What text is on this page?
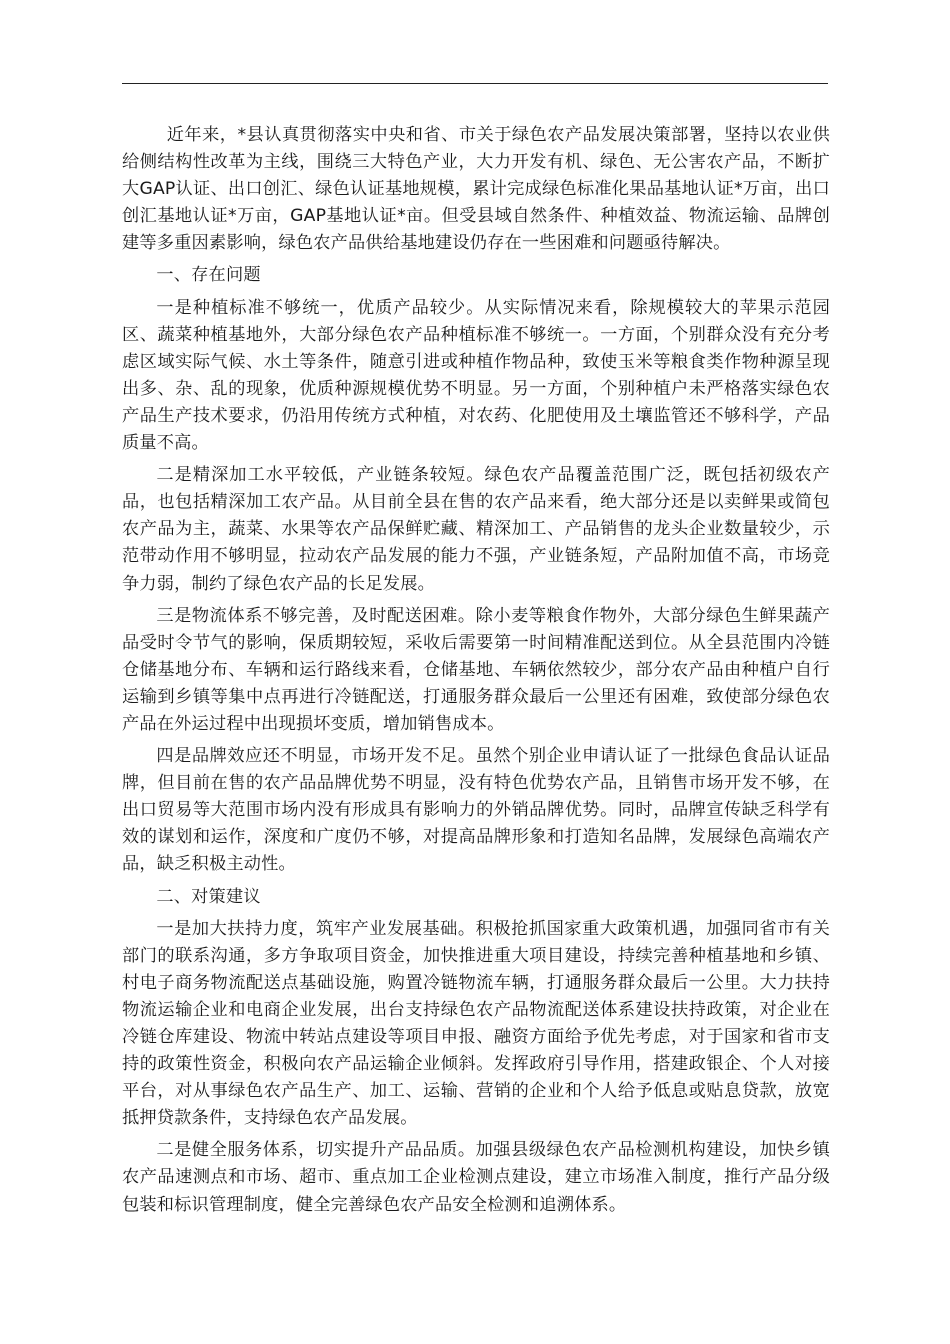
近年来，*县认真贯彻落实中央和省、市关于绿色农产品发展决策部署，坚持以农业供给侧结构性改革为主线，围绕三大特色产业，大力开发有机、绿色、无公害农产品，不断扩大GAP认证、出口创汇、绿色认证基地规模，累计完成绿色标准化果品基地认证*万亩，出口创汇基地认证*万亩，GAP基地认证*亩。但受县域自然条件、种植效益、物流运输、品牌创建等多重因素影响，绿色农产品供给基地建设仍存在一些困难和问题亟待解决。

一、存在问题

一是种植标准不够统一，优质产品较少。从实际情况来看，除规模较大的苹果示范园区、蔬菜种植基地外，大部分绿色农产品种植标准不够统一。一方面，个别群众没有充分考虑区域实际气候、水土等条件，随意引进或种植作物品种，致使玉米等粮食类作物种源呈现出多、杂、乱的现象，优质种源规模优势不明显。另一方面，个别种植户未严格落实绿色农产品生产技术要求，仍沿用传统方式种植，对农药、化肥使用及土壤监管还不够科学，产品质量不高。

二是精深加工水平较低，产业链条较短。绿色农产品覆盖范围广泛，既包括初级农产品，也包括精深加工农产品。从目前全县在售的农产品来看，绝大部分还是以卖鲜果或简包农产品为主，蔬菜、水果等农产品保鲜贮藏、精深加工、产品销售的龙头企业数量较少，示范带动作用不够明显，拉动农产品发展的能力不强，产业链条短，产品附加值不高，市场竞争力弱，制约了绿色农产品的长足发展。

三是物流体系不够完善，及时配送困难。除小麦等粮食作物外，大部分绿色生鲜果蔬产品受时令节气的影响，保质期较短，采收后需要第一时间精准配送到位。从全县范围内冷链仓储基地分布、车辆和运行路线来看，仓储基地、车辆依然较少，部分农产品由种植户自行运输到乡镇等集中点再进行冷链配送，打通服务群众最后一公里还有困难，致使部分绿色农产品在外运过程中出现损坏变质，增加销售成本。

四是品牌效应还不明显，市场开发不足。虽然个别企业申请认证了一批绿色食品认证品牌，但目前在售的农产品品牌优势不明显，没有特色优势农产品，且销售市场开发不够，在出口贸易等大范围市场内没有形成具有影响力的外销品牌优势。同时，品牌宣传缺乏科学有效的谋划和运作，深度和广度仍不够，对提高品牌形象和打造知名品牌，发展绿色高端农产品，缺乏积极主动性。

二、对策建议

一是加大扶持力度，筑牢产业发展基础。积极抢抓国家重大政策机遇，加强同省市有关部门的联系沟通，多方争取项目资金，加快推进重大项目建设，持续完善种植基地和乡镇、村电子商务物流配送点基础设施，购置冷链物流车辆，打通服务群众最后一公里。大力扶持物流运输企业和电商企业发展，出台支持绿色农产品物流配送体系建设扶持政策，对企业在冷链仓库建设、物流中转站点建设等项目申报、融资方面给予优先考虑，对于国家和省市支持的政策性资金，积极向农产品运输企业倾斜。发挥政府引导作用，搭建政银企、个人对接平台，对从事绿色农产品生产、加工、运输、营销的企业和个人给予低息或贴息贷款，放宽抵押贷款条件，支持绿色农产品发展。

二是健全服务体系，切实提升产品品质。加强县级绿色农产品检测机构建设，加快乡镇农产品速测点和市场、超市、重点加工企业检测点建设，建立市场准入制度，推行产品分级包装和标识管理制度，健全完善绿色农产品安全检测和追溯体系。
